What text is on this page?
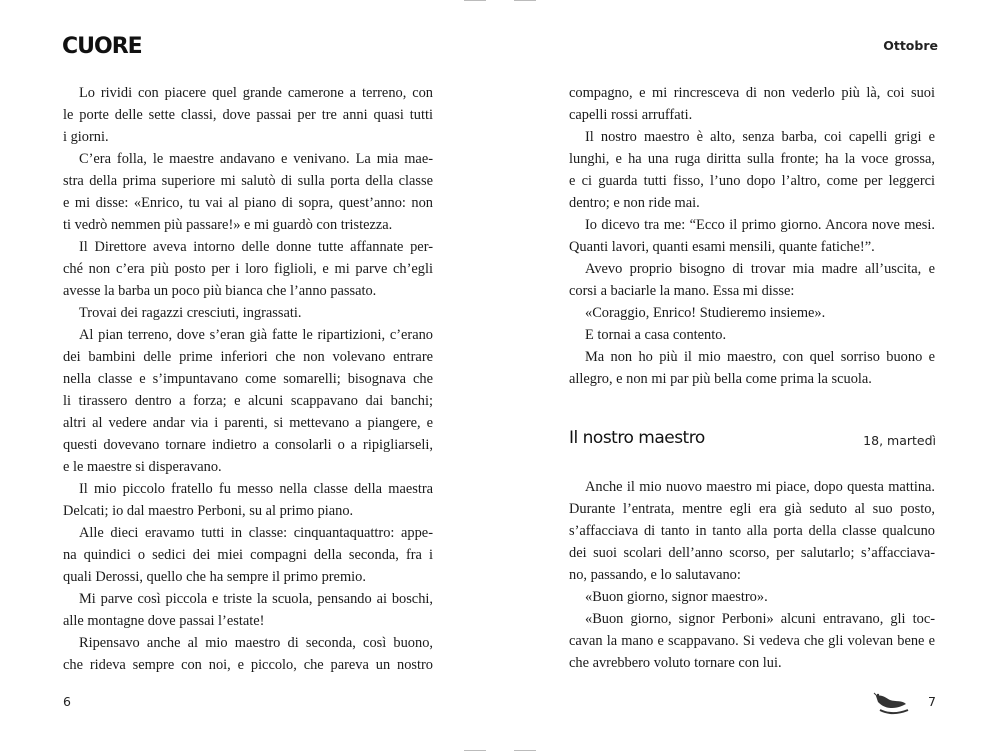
CUORE
Lo rividi con piacere quel grande camerone a terreno, con
le porte delle sette classi, dove passai per tre anni quasi tutti
i giorni.
C’era folla, le maestre andavano e venivano. La mia mae-
stra della prima superiore mi salutò di sulla porta della classe
e mi disse: «Enrico, tu vai al piano di sopra, quest’anno: non
ti vedrò nemmen più passare!» e mi guardò con tristezza.
Il Direttore aveva intorno delle donne tutte affannate per-
ché non c’era più posto per i loro figlioli, e mi parve ch’egli
avesse la barba un poco più bianca che l’anno passato.
Trovai dei ragazzi cresciuti, ingrassati.
Al pian terreno, dove s’eran già fatte le ripartizioni, c’erano
dei bambini delle prime inferiori che non volevano entrare
nella classe e s’impuntavano come somarelli; bisognava che
li tirassero dentro a forza; e alcuni scappavano dai banchi;
altri al vedere andar via i parenti, si mettevano a piangere, e
questi dovevano tornare indietro a consolarli o a ripigliarseli,
e le maestre si disperavano.
Il mio piccolo fratello fu messo nella classe della maestra
Delcati; io dal maestro Perboni, su al primo piano.
Alle dieci eravamo tutti in classe: cinquantaquattro: appe-
na quindici o sedici dei miei compagni della seconda, fra i
quali Derossi, quello che ha sempre il primo premio.
Mi parve così piccola e triste la scuola, pensando ai boschi,
alle montagne dove passai l’estate!
Ripensavo anche al mio maestro di seconda, così buono,
che rideva sempre con noi, e piccolo, che pareva un nostro
6
Ottobre
compagno, e mi rincresceva di non vederlo più là, coi suoi
capelli rossi arruffati.
Il nostro maestro è alto, senza barba, coi capelli grigi e
lunghi, e ha una ruga diritta sulla fronte; ha la voce grossa,
e ci guarda tutti fisso, l’uno dopo l’altro, come per leggerci
dentro; e non ride mai.
Io dicevo tra me: “Ecco il primo giorno. Ancora nove mesi.
Quanti lavori, quanti esami mensili, quante fatiche!”.
Avevo proprio bisogno di trovar mia madre all’uscita, e
corsi a baciarle la mano. Essa mi disse:
«Coraggio, Enrico! Studieremo insieme».
E tornai a casa contento.
Ma non ho più il mio maestro, con quel sorriso buono e
allegro, e non mi par più bella come prima la scuola.
Il nostro maestro	18, martedì
Anche il mio nuovo maestro mi piace, dopo questa mattina.
Durante l’entrata, mentre egli era già seduto al suo posto,
s’affacciava di tanto in tanto alla porta della classe qualcuno
dei suoi scolari dell’anno scorso, per salutarlo; s’affacciava-
no, passando, e lo salutavano:
«Buon giorno, signor maestro».
«Buon giorno, signor Perboni» alcuni entravano, gli toc-
cavan la mano e scappavano. Si vedeva che gli volevan bene e
che avrebbero voluto tornare con lui.
7
